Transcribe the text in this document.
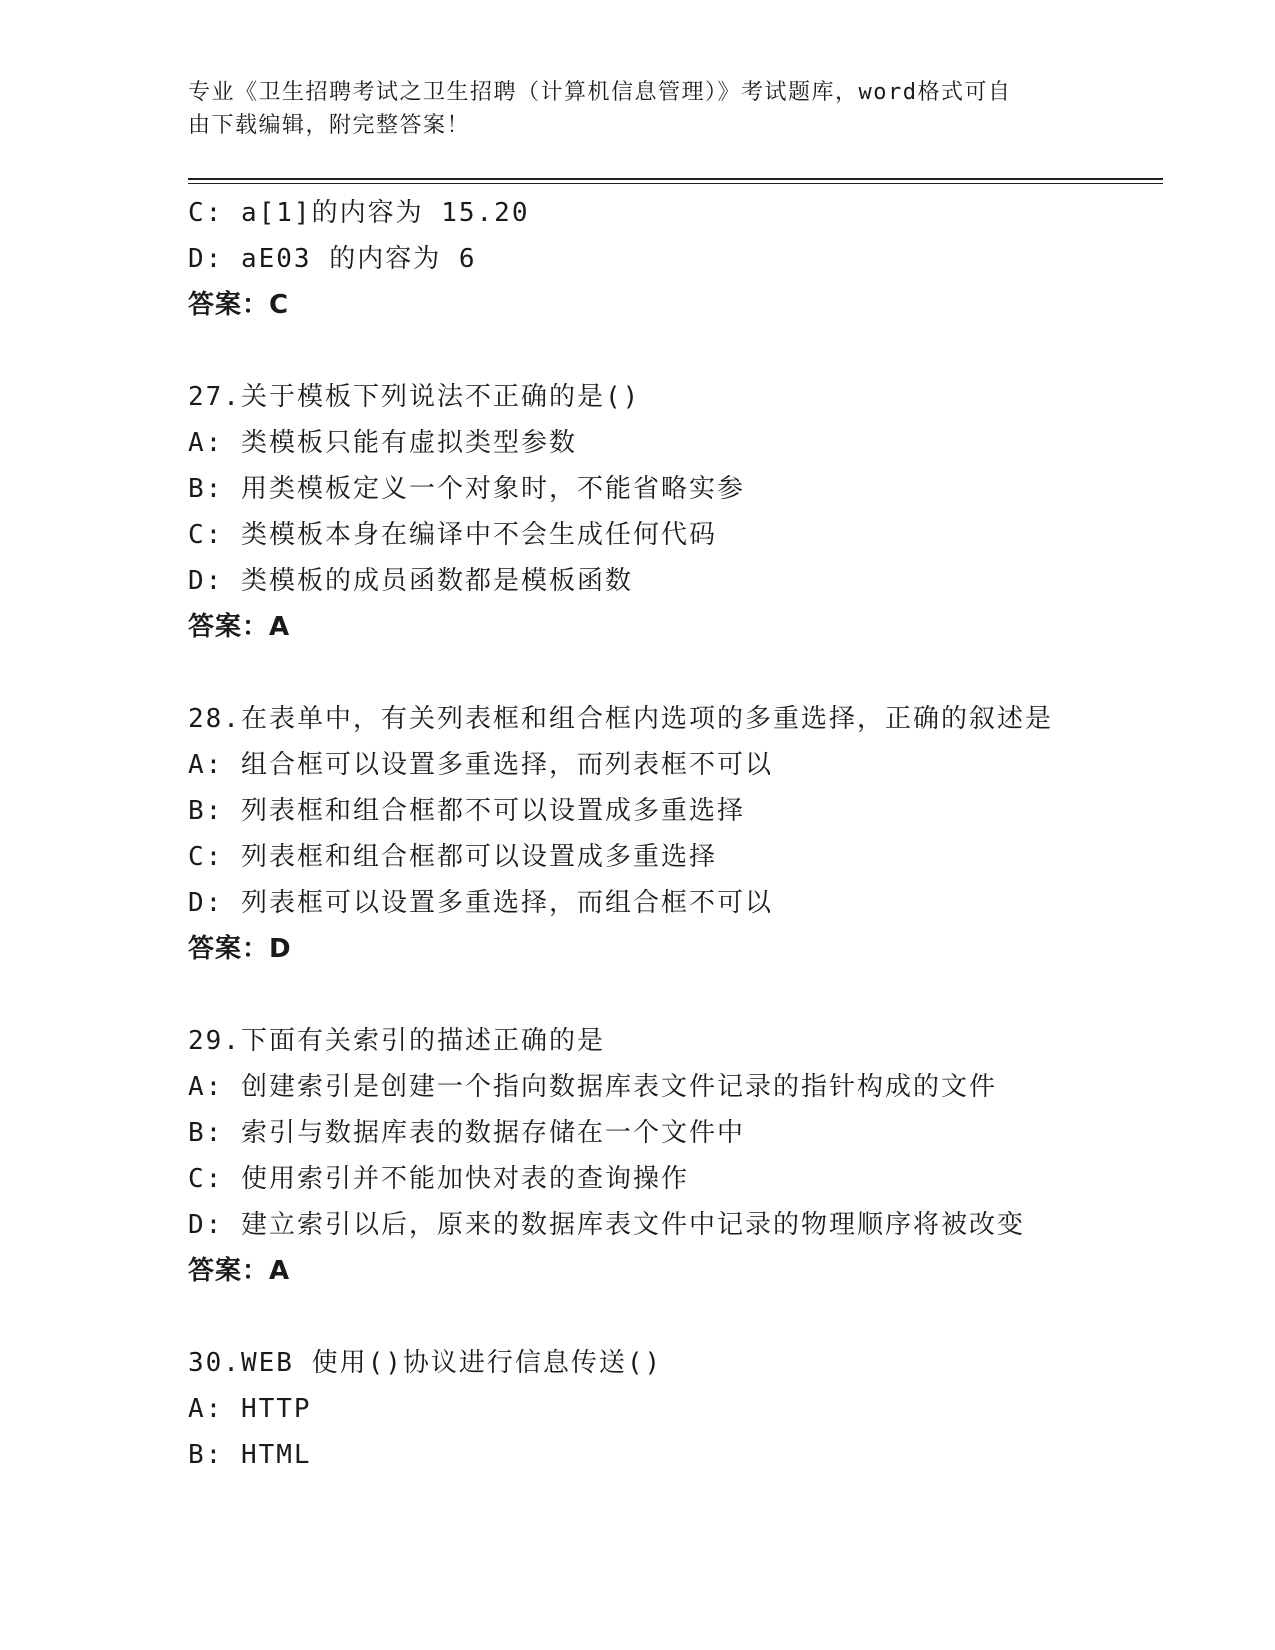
专业《卫生招聘考试之卫生招聘（计算机信息管理）》考试题库，word格式可自
由下载编辑，附完整答案！
C: a[1]的内容为 15.20
D: aE03 的内容为 6
答案：C
27.关于模板下列说法不正确的是()
A: 类模板只能有虚拟类型参数
B: 用类模板定义一个对象时，不能省略实参
C: 类模板本身在编译中不会生成任何代码
D: 类模板的成员函数都是模板函数
答案：A
28.在表单中，有关列表框和组合框内选项的多重选择，正确的叙述是
A: 组合框可以设置多重选择，而列表框不可以
B: 列表框和组合框都不可以设置成多重选择
C: 列表框和组合框都可以设置成多重选择
D: 列表框可以设置多重选择，而组合框不可以
答案：D
29.下面有关索引的描述正确的是
A: 创建索引是创建一个指向数据库表文件记录的指针构成的文件
B: 索引与数据库表的数据存储在一个文件中
C: 使用索引并不能加快对表的查询操作
D: 建立索引以后，原来的数据库表文件中记录的物理顺序将被改变
答案：A
30.WEB 使用()协议进行信息传送()
A: HTTP
B: HTML
